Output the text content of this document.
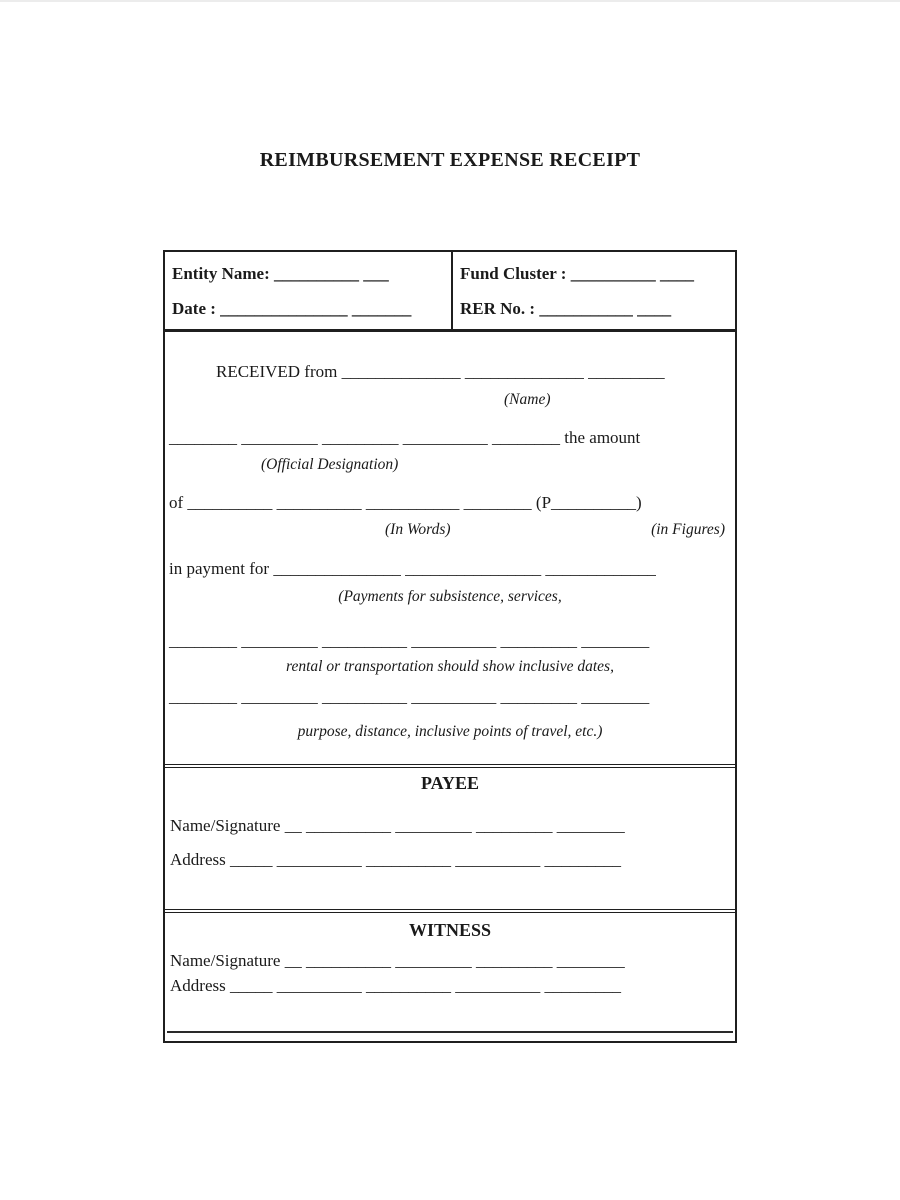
REIMBURSEMENT EXPENSE RECEIPT
Entity Name: __________ ___
Date : _______________ _______
Fund Cluster : __________ ____
RER No. : ___________ ____
RECEIVED from ______________ ______________ _________
(Name)
________ _________ _________ __________ ________ the amount
(Official Designation)
of __________ __________ ___________ ________ (P__________)
(In Words)	(in Figures)
in payment for _______________ ________________ _____________
(Payments for subsistence, services,
________ _________ __________ __________ _________ ________
rental or transportation should show inclusive dates,
________ _________ __________ __________ _________ ________
purpose, distance, inclusive points of travel, etc.)
PAYEE
Name/Signature __ __________ _________ _________ ________
Address _____ __________ __________ __________ _________
WITNESS
Name/Signature __ __________ _________ _________ ________
Address _____ __________ __________ __________ _________
